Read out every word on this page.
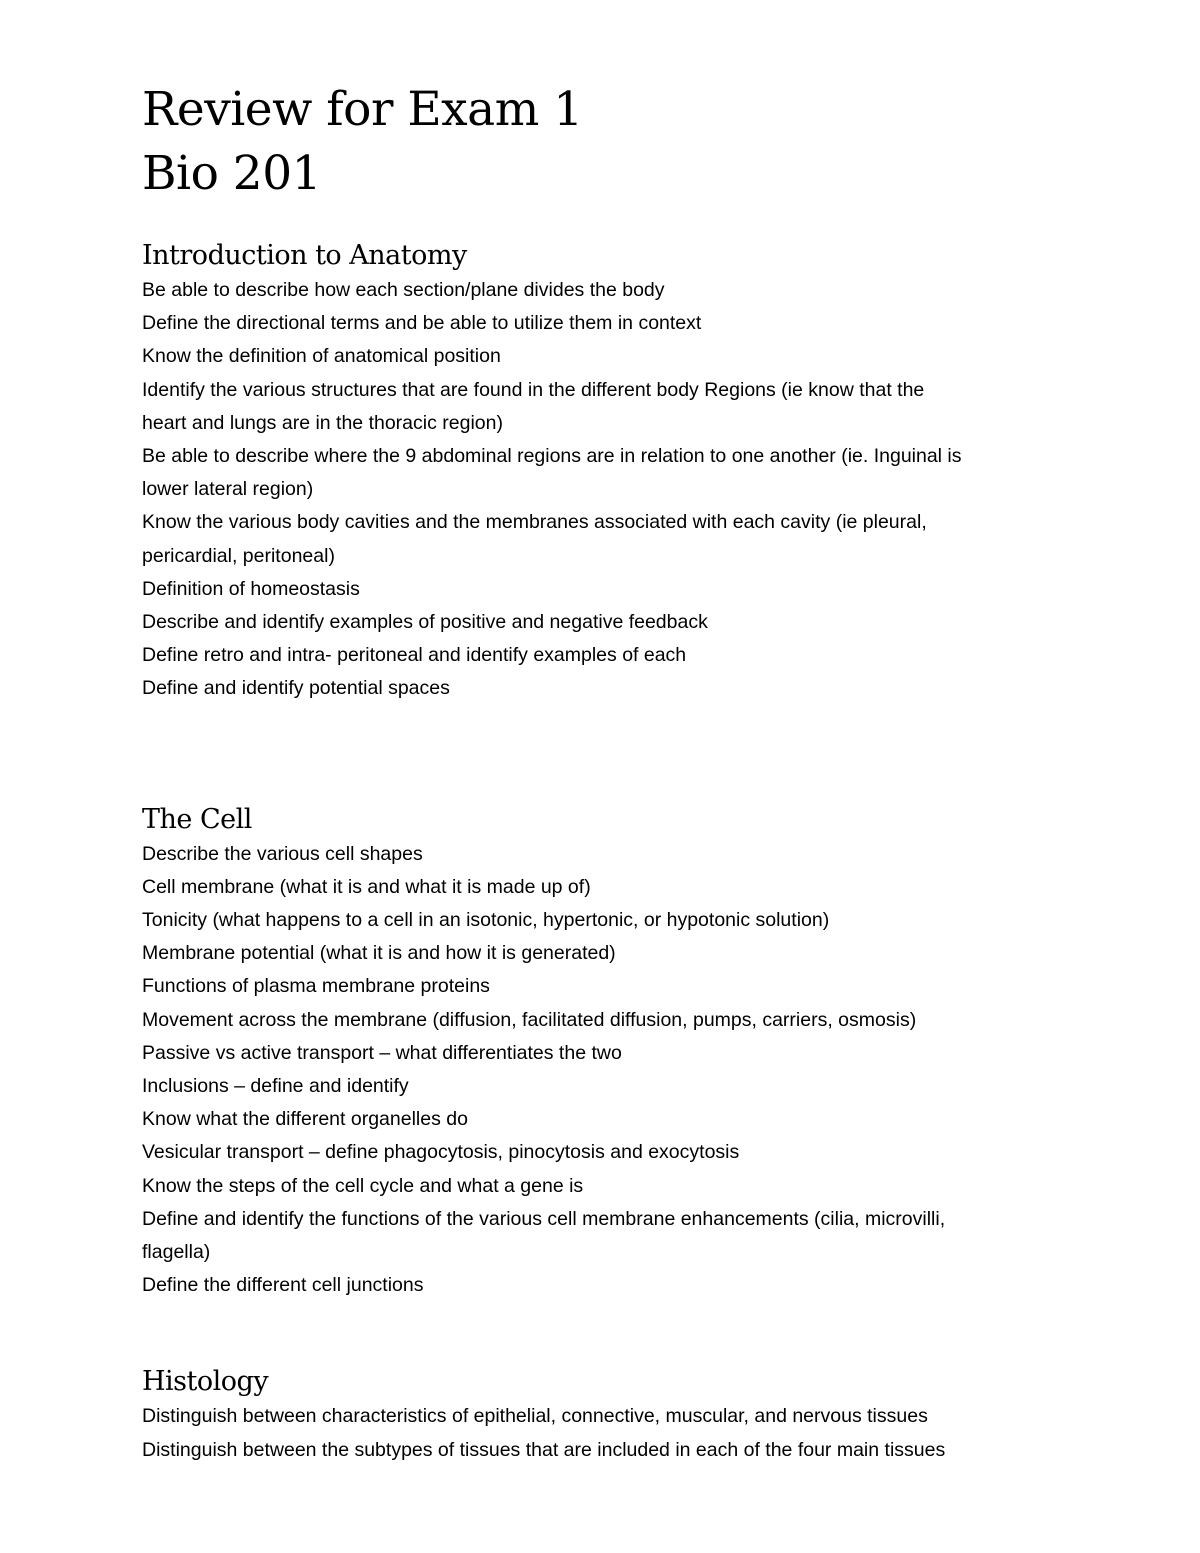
Review for Exam 1
Bio 201
Introduction to Anatomy
Be able to describe how each section/plane divides the body
Define the directional terms and be able to utilize them in context
Know the definition of anatomical position
Identify the various structures that are found in the different body Regions (ie know that the
heart and lungs are in the thoracic region)
Be able to describe where the 9 abdominal regions are in relation to one another (ie. Inguinal is
lower lateral region)
Know the various body cavities and the membranes associated with each cavity (ie pleural,
pericardial, peritoneal)
Definition of homeostasis
Describe and identify examples of positive and negative feedback
Define retro and intra- peritoneal and identify examples of each
Define and identify potential spaces
The Cell
Describe the various cell shapes
Cell membrane (what it is and what it is made up of)
Tonicity (what happens to a cell in an isotonic, hypertonic, or hypotonic solution)
Membrane potential (what it is and how it is generated)
Functions of plasma membrane proteins
Movement across the membrane (diffusion, facilitated diffusion, pumps, carriers, osmosis)
Passive vs active transport – what differentiates the two
Inclusions – define and identify
Know what the different organelles do
Vesicular transport – define phagocytosis, pinocytosis and exocytosis
Know the steps of the cell cycle and what a gene is
Define and identify the functions of the various cell membrane enhancements (cilia, microvilli,
flagella)
Define the different cell junctions
Histology
Distinguish between characteristics of epithelial, connective, muscular, and nervous tissues
Distinguish between the subtypes of tissues that are included in each of the four main tissues
